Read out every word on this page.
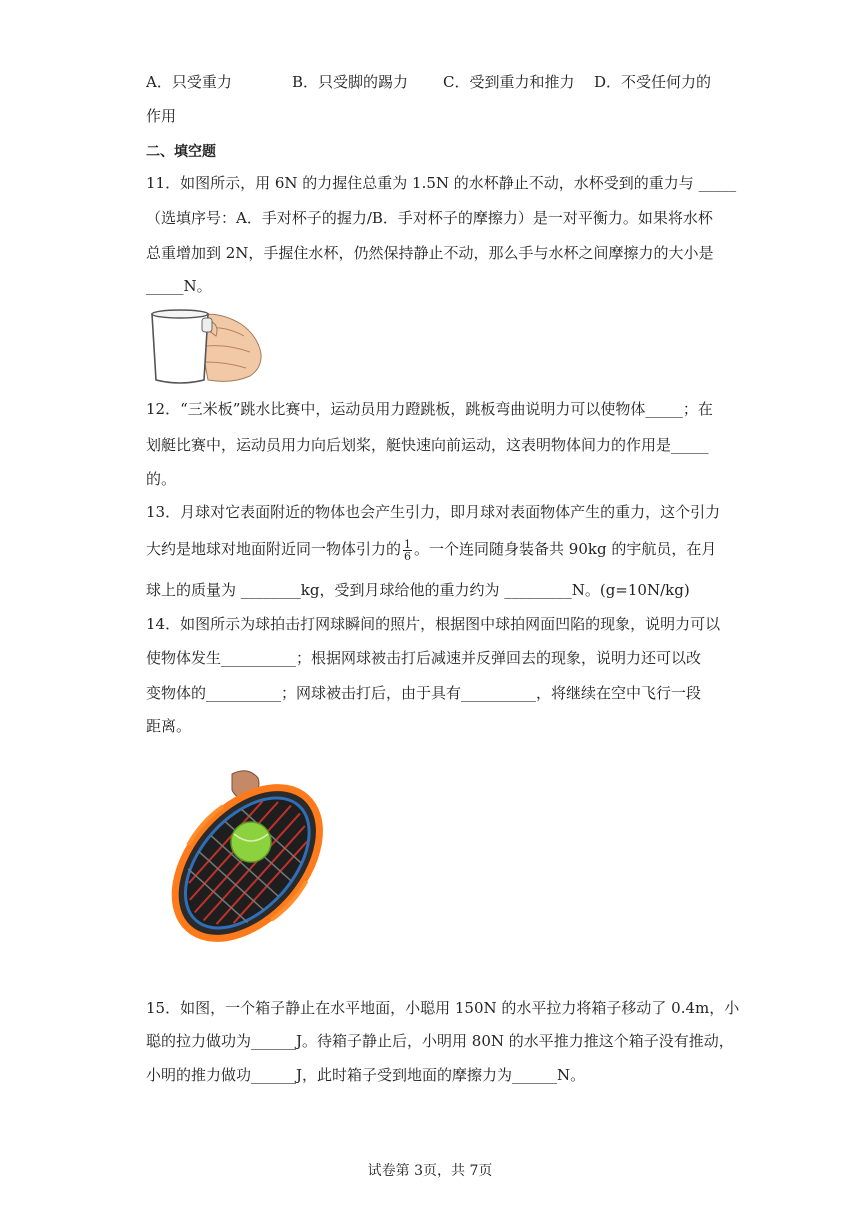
A．只受重力	B．只受脚的踢力 C．受到重力和推力 D．不受任何力的
作用
二、填空题
11．如图所示，用 6N 的力握住总重为 1.5N 的水杯静止不动，水杯受到的重力与 _____
（选填序号：A．手对杯子的握力/B．手对杯子的摩擦力）是一对平衡力。如果将水杯
总重增加到 2N，手握住水杯，仍然保持静止不动，那么手与水杯之间摩擦力的大小是
_____N。
12．“三米板”跳水比赛中，运动员用力蹬跳板，跳板弯曲说明力可以使物体_____；在
划艇比赛中，运动员用力向后划桨，艇快速向前运动，这表明物体间力的作用是_____
的。
13．月球对它表面附近的物体也会产生引力，即月球对表面物体产生的重力，这个引力
大约是地球对地面附近同一物体引力的 $\frac{1}{6}$ 。一个连同随身装备共 90kg 的宇航员，在月
球上的质量为 ________kg，受到月球给他的重力约为 _________N。(g=10N/kg)
14．如图所示为球拍击打网球瞬间的照片，根据图中球拍网面凹陷的现象，说明力可以
使物体发生__________；根据网球被击打后减速并反弹回去的现象，说明力还可以改
变物体的__________；网球被击打后，由于具有__________，将继续在空中飞行一段
距离。
15．如图，一个箱子静止在水平地面，小聪用 150N 的水平拉力将箱子移动了 0.4m，小
聪的拉力做功为______J。待箱子静止后，小明用 80N 的水平推力推这个箱子没有推动，
小明的推力做功______J，此时箱子受到地面的摩擦力为______N。
试卷第 3页，共 7页
